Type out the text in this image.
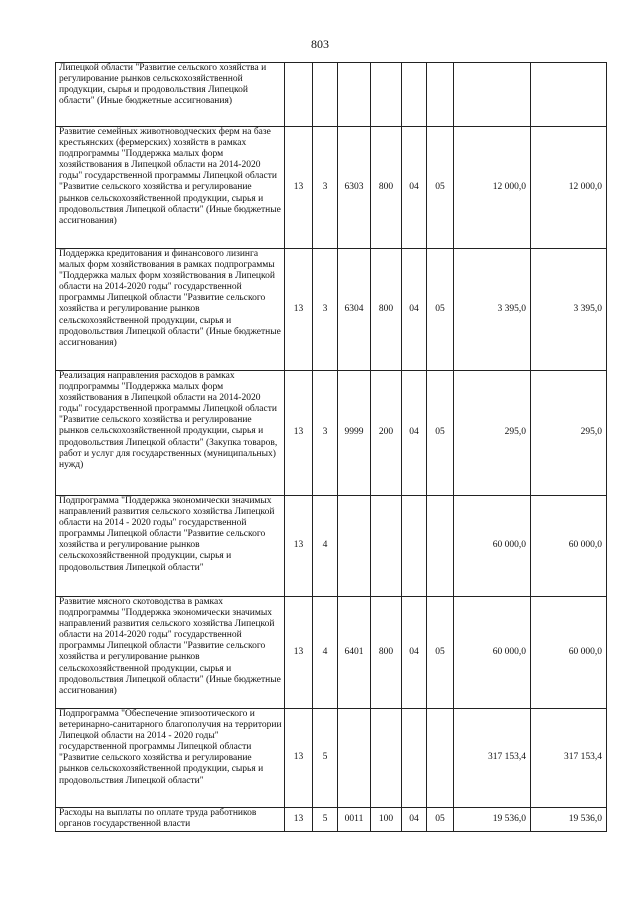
803
Липецкой области "Развитие сельского хозяйства и регулирование рынков сельскохозяйственной продукции, сырья и продовольствия Липецкой области" (Иные бюджетные ассигнования)								
Развитие семейных животноводческих ферм на базе крестьянских (фермерских) хозяйств в рамках подпрограммы "Поддержка малых форм хозяйствования в Липецкой области на 2014-2020 годы" государственной программы Липецкой области "Развитие сельского хозяйства и регулирование рынков сельскохозяйственной продукции, сырья и продовольствия Липецкой области" (Иные бюджетные ассигнования)	13	3	6303	800	04	05	12 000,0	12 000,0
Поддержка кредитования и финансового лизинга малых форм хозяйствования в рамках подпрограммы "Поддержка малых форм хозяйствования в Липецкой области на 2014-2020 годы" государственной программы Липецкой области "Развитие сельского хозяйства и регулирование рынков сельскохозяйственной продукции, сырья и продовольствия Липецкой области" (Иные бюджетные ассигнования)	13	3	6304	800	04	05	3 395,0	3 395,0
Реализация направления расходов в рамках подпрограммы "Поддержка малых форм хозяйствования в Липецкой области на 2014-2020 годы" государственной программы Липецкой области "Развитие сельского хозяйства и регулирование рынков сельскохозяйственной продукции, сырья и продовольствия Липецкой области" (Закупка товаров, работ и услуг для государственных (муниципальных) нужд)	13	3	9999	200	04	05	295,0	295,0
Подпрограмма "Поддержка экономически значимых направлений развития сельского хозяйства Липецкой области на 2014 - 2020 годы" государственной программы Липецкой области "Развитие сельского хозяйства и регулирование рынков сельскохозяйственной продукции, сырья и продовольствия Липецкой области"	13	4					60 000,0	60 000,0
Развитие мясного скотоводства в рамках подпрограммы "Поддержка экономически значимых направлений развития сельского хозяйства Липецкой области на 2014-2020 годы" государственной программы Липецкой области "Развитие сельского хозяйства и регулирование рынков сельскохозяйственной продукции, сырья и продовольствия Липецкой области" (Иные бюджетные ассигнования)	13	4	6401	800	04	05	60 000,0	60 000,0
Подпрограмма "Обеспечение эпизоотического и ветеринарно-санитарного благополучия на территории Липецкой области на 2014 - 2020 годы" государственной программы Липецкой области "Развитие сельского хозяйства и регулирование рынков сельскохозяйственной продукции, сырья и продовольствия Липецкой области"	13	5					317 153,4	317 153,4
Расходы на выплаты по оплате труда работников органов государственной власти	13	5	0011	100	04	05	19 536,0	19 536,0
